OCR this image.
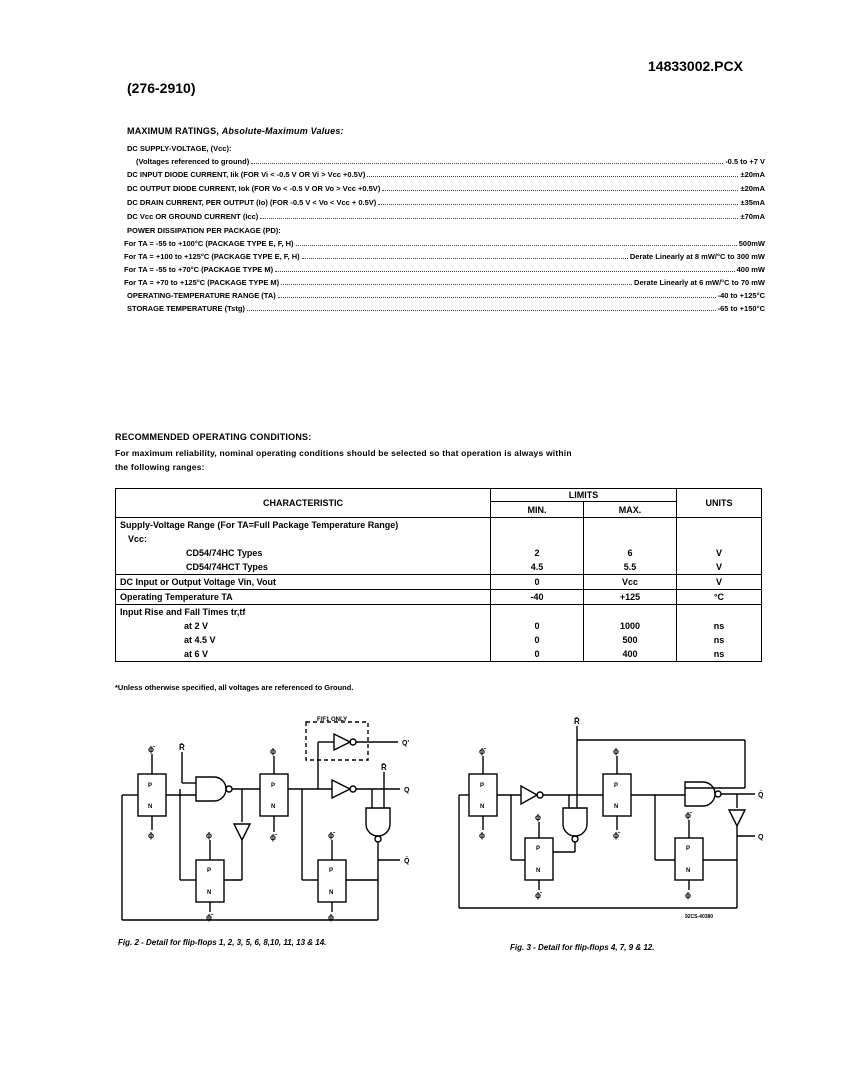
14833002.PCX
(276-2910)
MAXIMUM RATINGS, Absolute-Maximum Values:
DC SUPPLY-VOLTAGE, (Vcc):
(Voltages referenced to ground)	-0.5 to +7 V
DC INPUT DIODE CURRENT, Iik (FOR Vi < -0.5 V OR Vi > Vcc +0.5V)	±20mA
DC OUTPUT DIODE CURRENT, Iok (FOR Vo < -0.5 V OR Vo > Vcc +0.5V)	±20mA
DC DRAIN CURRENT, PER OUTPUT (Io) (FOR -0.5 V < Vo < Vcc + 0.5V)	±35mA
DC Vcc OR GROUND CURRENT (Icc)	±70mA
POWER DISSIPATION PER PACKAGE (PD):
For TA = -55 to +100°C (PACKAGE TYPE E, F, H)	500mW
For TA = +100 to +125°C (PACKAGE TYPE E, F, H)	Derate Linearly at 8 mW/°C to 300 mW
For TA = -55 to +70°C (PACKAGE TYPE M)	400 mW
For TA = +70 to +125°C (PACKAGE TYPE M)	Derate Linearly at 6 mW/°C to 70 mW
OPERATING-TEMPERATURE RANGE (TA)	-40 to +125°C
STORAGE TEMPERATURE (Tstg)	-65 to +150°C
RECOMMENDED OPERATING CONDITIONS:
For maximum reliability, nominal operating conditions should be selected so that operation is always within
the following ranges:
CHARACTERISTIC	LIMITS		UNITS
	MIN.	MAX.	
Supply-Voltage Range (For TA=Full Package Temperature Range)			
Vcc:			
CD54/74HC Types	2	6	V
CD54/74HCT Types	4.5	5.5	V
DC Input or Output Voltage Vin, Vout	0	Vcc	V
Operating Temperature TA	-40	+125	°C
Input Rise and Fall Times tr,tf			
at 2 V	0	1000	ns
at 4.5 V	0	500	ns
at 6 V	0	400	ns
*Unless otherwise specified, all voltages are referenced to Ground.
F/F1 ONLY
P
N
ϕ̄
ϕ
R̄
P
N
ϕ
ϕ̄
Q
Q'
R̄
Q̄
P
N
ϕ
ϕ̄
P
N
ϕ̄
ϕ
Fig. 2 - Detail for flip-flops 1, 2, 3, 5, 6, 8,10, 11, 13 & 14.
P
N
ϕ̄
ϕ
R̄
P
N
ϕ
ϕ̄
P
N
ϕ
ϕ̄
Q̄
Q
P
N
ϕ̄
ϕ
92CS-40380
Fig. 3 - Detail for flip-flops 4, 7, 9 & 12.
